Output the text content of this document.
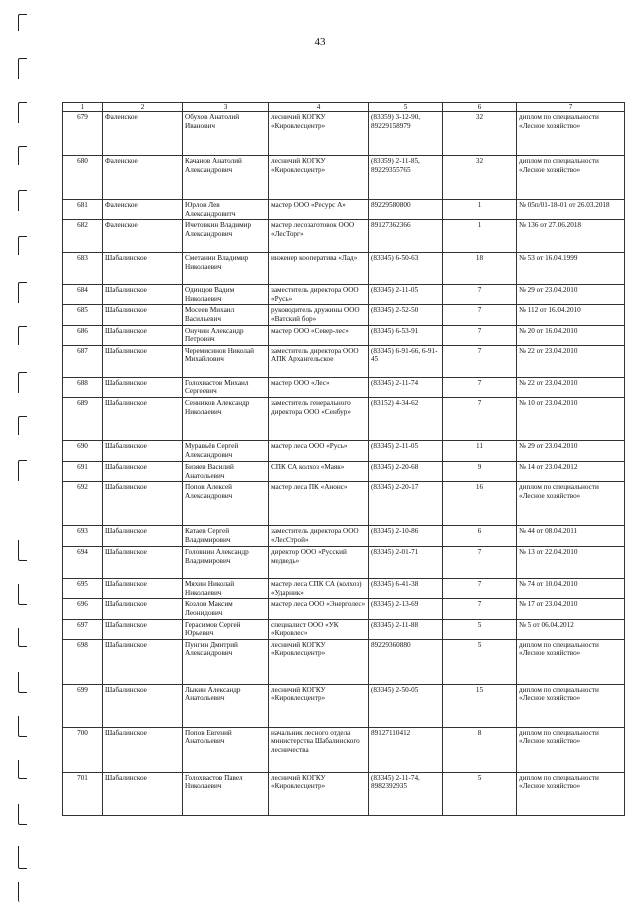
43
1	2	3	4	5	6	7
679	Фаленское	Обухов Анатолий Иванович	лесничий КОГКУ «Кировлесцентр»	(83359) 3-12-90, 89229158979	32	диплом по специальности «Лесное хозяйство»
680	Фаленское	Качанов Анатолий Александрович	лесничий КОГКУ «Кировлесцентр»	(83359) 2-11-85, 89229355765	32	диплом по специальности «Лесное хозяйство»
681	Фаленское	Юрлов Лев Александровитч	мастер ООО «Ресурс А»	89229580800	1	№ 05п/01-18-01 от 26.03.2018
682	Фаленское	Ичетовкин Владимир Александрович	мастер лесозаготовок ООО «ЛесТорг»	89127362366	1	№ 136 от 27.06.2018
683	Шабалинское	Сметанин Владимир Николаевич	инженер кооператива «Лад»	(83345) 6-50-63	18	№ 53 от 16.04.1999
684	Шабалинское	Одинцов Вадим Николаевич	заместитель директора ООО «Русь»	(83345) 2-11-05	7	№ 29 от 23.04.2010
685	Шабалинское	Мосеев Михаил Васильевич	руководитель дружины ООО «Ватский бор»	(83345) 2-52-50	7	№ 112 от 16.04.2010
686	Шабалинское	Онучин Александр Петрович	мастер ООО «Север-лес»	(83345) 6-53-91	7	№ 20 от 16.04.2010
687	Шабалинское	Черемисинов Николай Михайлович	заместитель директора ООО АПК Архангельское	(83345) 6-91-66, 6-91-45	7	№ 22 от 23.04.2010
688	Шабалинское	Голохвастов Михаил Сергеевич	мастер ООО «Лес»	(83345) 2-11-74	7	№ 22 от 23.04.2010
689	Шабалинское	Сенников Александр Николаевич	заместитель генерального директора ООО «Сенбур»	(83152) 4-34-62	7	№ 10 от 23.04.2010
690	Шабалинское	Муравьёв Сергей Александрович	мастер леса ООО «Русь»	(83345) 2-11-05	11	№ 29 от 23.04.2010
691	Шабалинское	Бизяев Василий Анатольевич	СПК СА колхоз «Маяк»	(83345) 2-20-68	9	№ 14 от 23.04.2012
692	Шабалинское	Попов Алексей Александрович	мастер леса ПК «Анонс»	(83345) 2-20-17	16	диплом по специальности «Лесное хозяйство»
693	Шабалинское	Катаев Сергей Владимирович	заместитель директора ООО «ЛесСтрой»	(83345) 2-10-86	6	№ 44 от 08.04.2011
694	Шабалинское	Головнин Александр Владимирович	директор ООО «Русский медведь»	(83345) 2-01-71	7	№ 13 от 22.04.2010
695	Шабалинское	Мяхин Николай Николаевич	мастер леса СПК СА (колхоз) «Ударник»	(83345) 6-41-38	7	№ 74 от 10.04.2010
696	Шабалинское	Козлов Максим Леонидович	мастер леса ООО «Энерголес»	(83345) 2-13-69	7	№ 17 от 23.04.2010
697	Шабалинское	Герасимов Сергей Юрьевич	специалист ООО «УК «Кировлес»	(83345) 2-11-88	5	№ 5 от 06.04.2012
698	Шабалинское	Пунгин Дмитрий Александрович	лесничий КОГКУ «Кировлесцентр»	89229360880	5	диплом по специальности «Лесное хозяйство»
699	Шабалинское	Лыкин Александр Анатольевич	лесничий КОГКУ «Кировлесцентр»	(83345) 2-50-05	15	диплом по специальности «Лесное хозяйство»
700	Шабалинское	Попов Евгений Анатольевич	начальник лесного отдела министерства Шабалинского лесничества	89127110412	8	диплом по специальности «Лесное хозяйство»
701	Шабалинское	Голохвастов Павел Николаевич	лесничий КОГКУ «Кировлесцентр»	(83345) 2-11-74, 8982392935	5	диплом по специальности «Лесное хозяйство»
